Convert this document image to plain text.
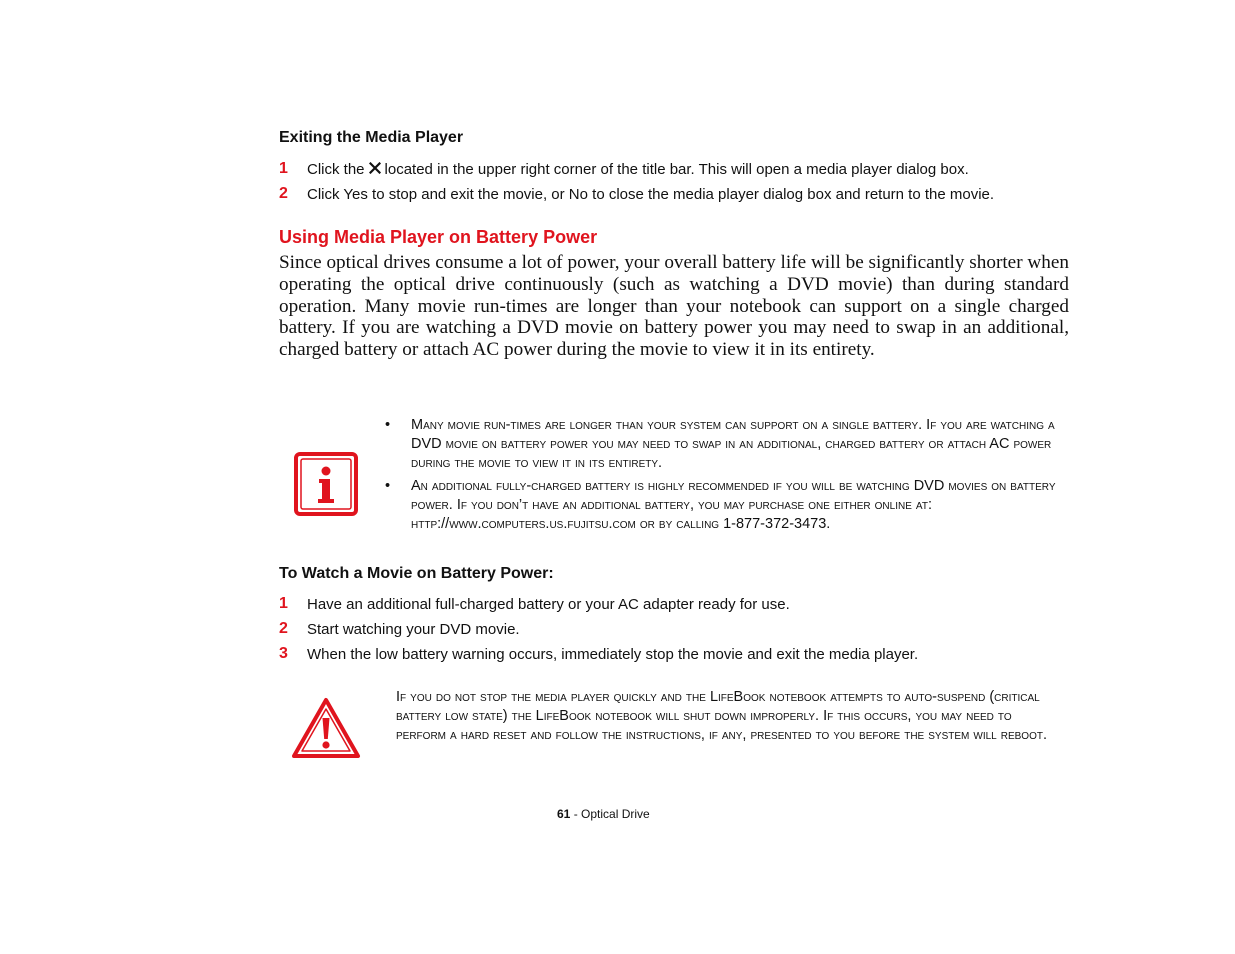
Exiting the Media Player
1	Click the located in the upper right corner of the title bar. This will open a media player dialog box.
2	Click Yes to stop and exit the movie, or No to close the media player dialog box and return to the movie.
Using Media Player on Battery Power
Since optical drives consume a lot of power, your overall battery life will be significantly shorter when operating the optical drive continuously (such as watching a DVD movie) than during standard operation. Many movie run-times are longer than your notebook can support on a single charged battery. If you are watching a DVD movie on battery power you may need to swap in an additional, charged battery or attach AC power during the movie to view it in its entirety.
• Many movie run-times are longer than your system can support on a single battery. If you are watching a DVD movie on battery power you may need to swap in an additional, charged battery or attach AC power during the movie to view it in its entirety.
• An additional fully-charged battery is highly recommended if you will be watching DVD movies on battery power. If you don’t have an additional battery, you may purchase one either online at: http://www.computers.us.fujitsu.com or by calling 1-877-372-3473.
To Watch a Movie on Battery Power:
1	Have an additional full-charged battery or your AC adapter ready for use.
2	Start watching your DVD movie.
3	When the low battery warning occurs, immediately stop the movie and exit the media player.
If you do not stop the media player quickly and the LifeBook notebook attempts to auto-suspend (critical battery low state) the LifeBook notebook will shut down improperly. If this occurs, you may need to perform a hard reset and follow the instructions, if any, presented to you before the system will reboot.
61 - Optical Drive
